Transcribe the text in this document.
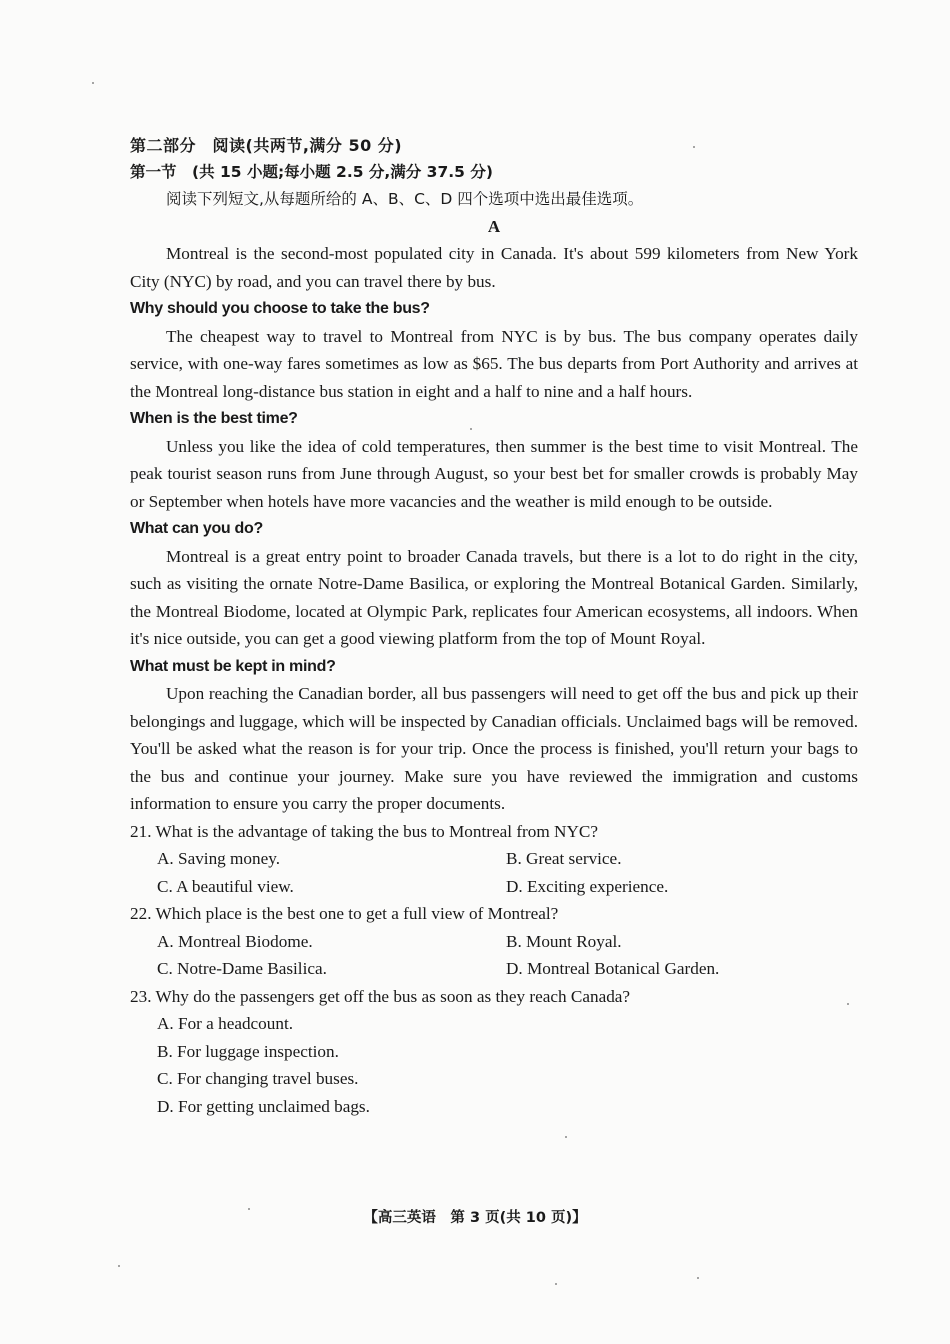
第二部分　阅读(共两节,满分 50 分)
第一节　(共 15 小题;每小题 2.5 分,满分 37.5 分)
阅读下列短文,从每题所给的 A、B、C、D 四个选项中选出最佳选项。
A

Montreal is the second-most populated city in Canada. It's about 599 kilometers from New York City (NYC) by road, and you can travel there by bus.

Why should you choose to take the bus?

The cheapest way to travel to Montreal from NYC is by bus. The bus company operates daily service, with one-way fares sometimes as low as $65. The bus departs from Port Authority and arrives at the Montreal long-distance bus station in eight and a half to nine and a half hours.

When is the best time?

Unless you like the idea of cold temperatures, then summer is the best time to visit Montreal. The peak tourist season runs from June through August, so your best bet for smaller crowds is probably May or September when hotels have more vacancies and the weather is mild enough to be outside.

What can you do?

Montreal is a great entry point to broader Canada travels, but there is a lot to do right in the city, such as visiting the ornate Notre-Dame Basilica, or exploring the Montreal Botanical Garden. Similarly, the Montreal Biodome, located at Olympic Park, replicates four American ecosystems, all indoors. When it's nice outside, you can get a good viewing platform from the top of Mount Royal.

What must be kept in mind?

Upon reaching the Canadian border, all bus passengers will need to get off the bus and pick up their belongings and luggage, which will be inspected by Canadian officials. Unclaimed bags will be removed. You'll be asked what the reason is for your trip. Once the process is finished, you'll return your bags to the bus and continue your journey. Make sure you have reviewed the immigration and customs information to ensure you carry the proper documents.

21. What is the advantage of taking the bus to Montreal from NYC?
A. Saving money.	B. Great service.
C. A beautiful view.	D. Exciting experience.
22. Which place is the best one to get a full view of Montreal?
A. Montreal Biodome.	B. Mount Royal.
C. Notre-Dame Basilica.	D. Montreal Botanical Garden.
23. Why do the passengers get off the bus as soon as they reach Canada?
A. For a headcount.
B. For luggage inspection.
C. For changing travel buses.
D. For getting unclaimed bags.
【高三英语　第 3 页(共 10 页)】
